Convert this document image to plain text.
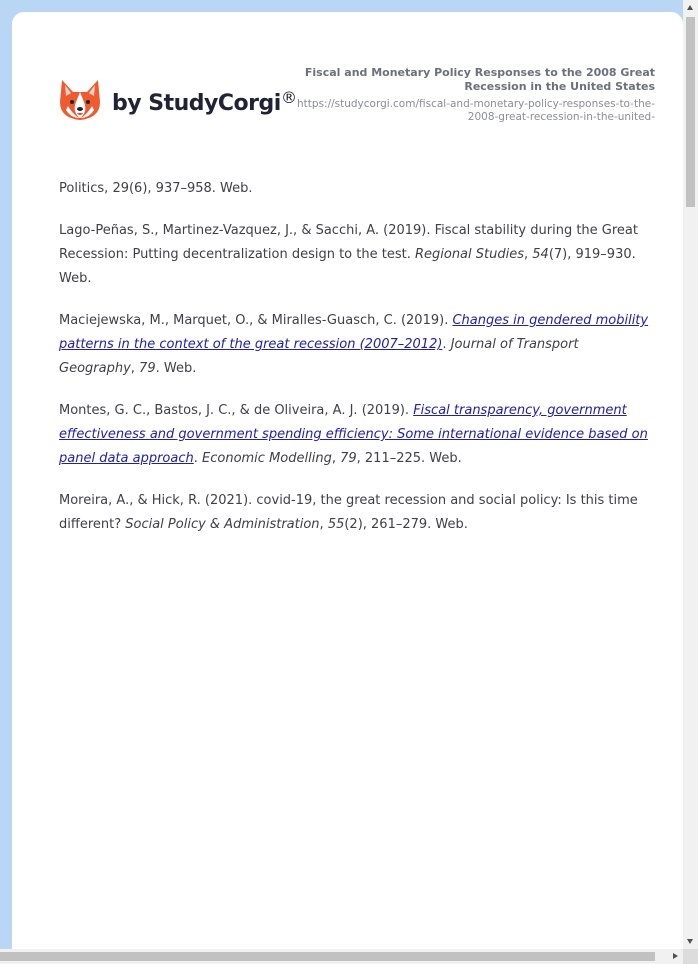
by StudyCorgi ®
Fiscal and Monetary Policy Responses to the 2008 Great Recession in the United States
https://studycorgi.com/fiscal-and-monetary-policy-responses-to-the-2008-great-recession-in-the-united-

Politics, 29(6), 937–958. Web.

Lago-Peñas, S., Martinez-Vazquez, J., & Sacchi, A. (2019). Fiscal stability during the Great Recession: Putting decentralization design to the test. Regional Studies, 54(7), 919–930. Web.

Maciejewska, M., Marquet, O., & Miralles-Guasch, C. (2019). Changes in gendered mobility patterns in the context of the great recession (2007–2012). Journal of Transport Geography, 79. Web.

Montes, G. C., Bastos, J. C., & de Oliveira, A. J. (2019). Fiscal transparency, government effectiveness and government spending efficiency: Some international evidence based on panel data approach. Economic Modelling, 79, 211–225. Web.

Moreira, A., & Hick, R. (2021). covid-19, the great recession and social policy: Is this time different? Social Policy & Administration, 55(2), 261–279. Web.
